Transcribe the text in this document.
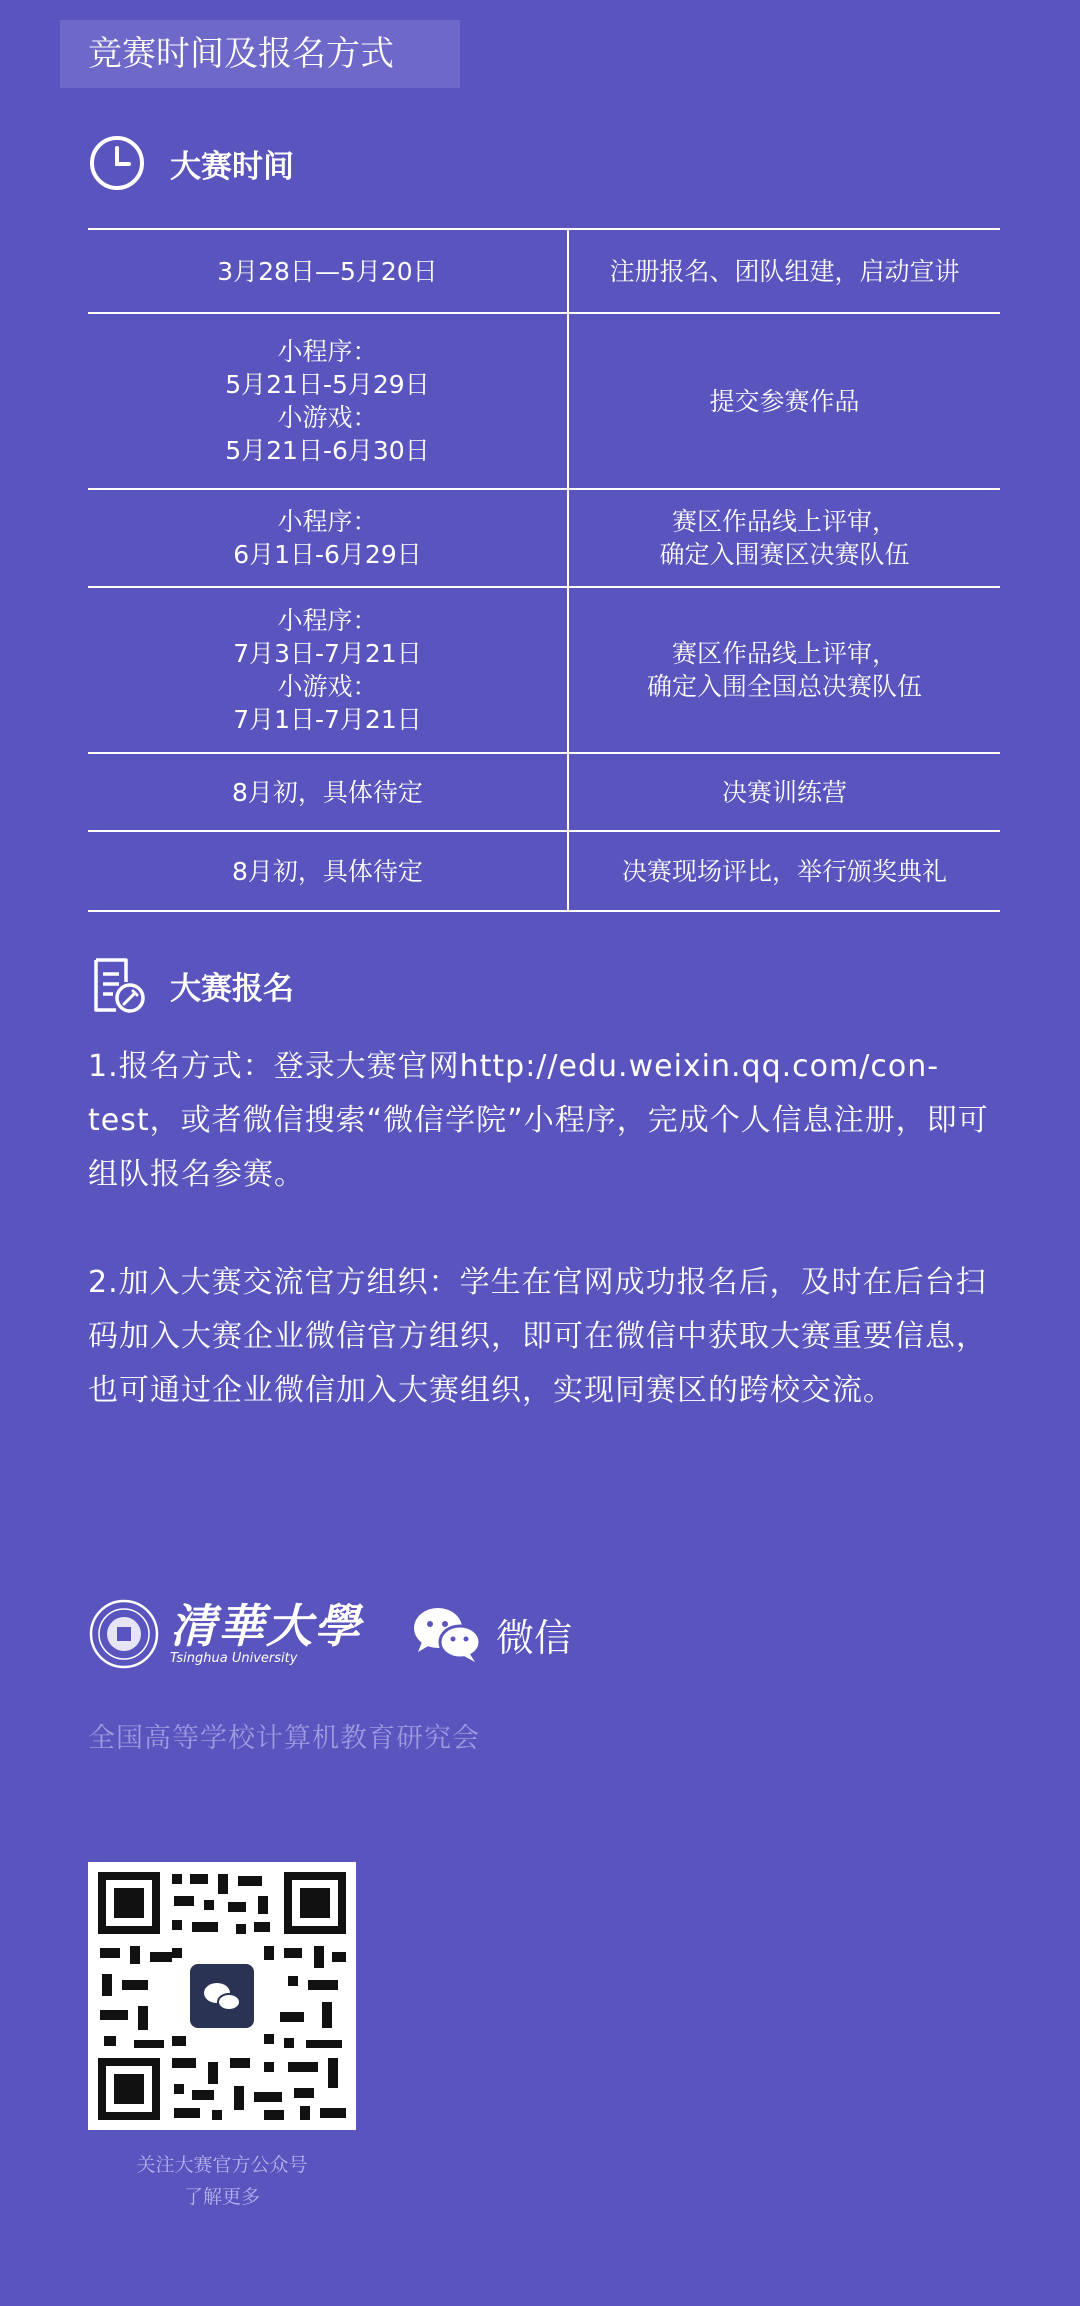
竞赛时间及报名方式
大赛时间
3月28日—5月20日	注册报名、团队组建，启动宣讲

小程序：
5月21日-5月29日
小游戏：
5月21日-6月30日	提交参赛作品

小程序：
6月1日-6月29日	赛区作品线上评审，
确定入围赛区决赛队伍

小程序：
7月3日-7月21日
小游戏：
7月1日-7月21日	赛区作品线上评审，
确定入围全国总决赛队伍

8月初，具体待定	决赛训练营

8月初，具体待定	决赛现场评比，举行颁奖典礼
大赛报名
1.报名方式：登录大赛官网http://edu.weixin.qq.com/con-test，或者微信搜索“微信学院”小程序，完成个人信息注册，即可组队报名参赛。
2.加入大赛交流官方组织：学生在官网成功报名后，及时在后台扫码加入大赛企业微信官方组织，即可在微信中获取大赛重要信息，也可通过企业微信加入大赛组织，实现同赛区的跨校交流。
清華大學
Tsinghua University	微信
全国高等学校计算机教育研究会
关注大赛官方公众号
了解更多
